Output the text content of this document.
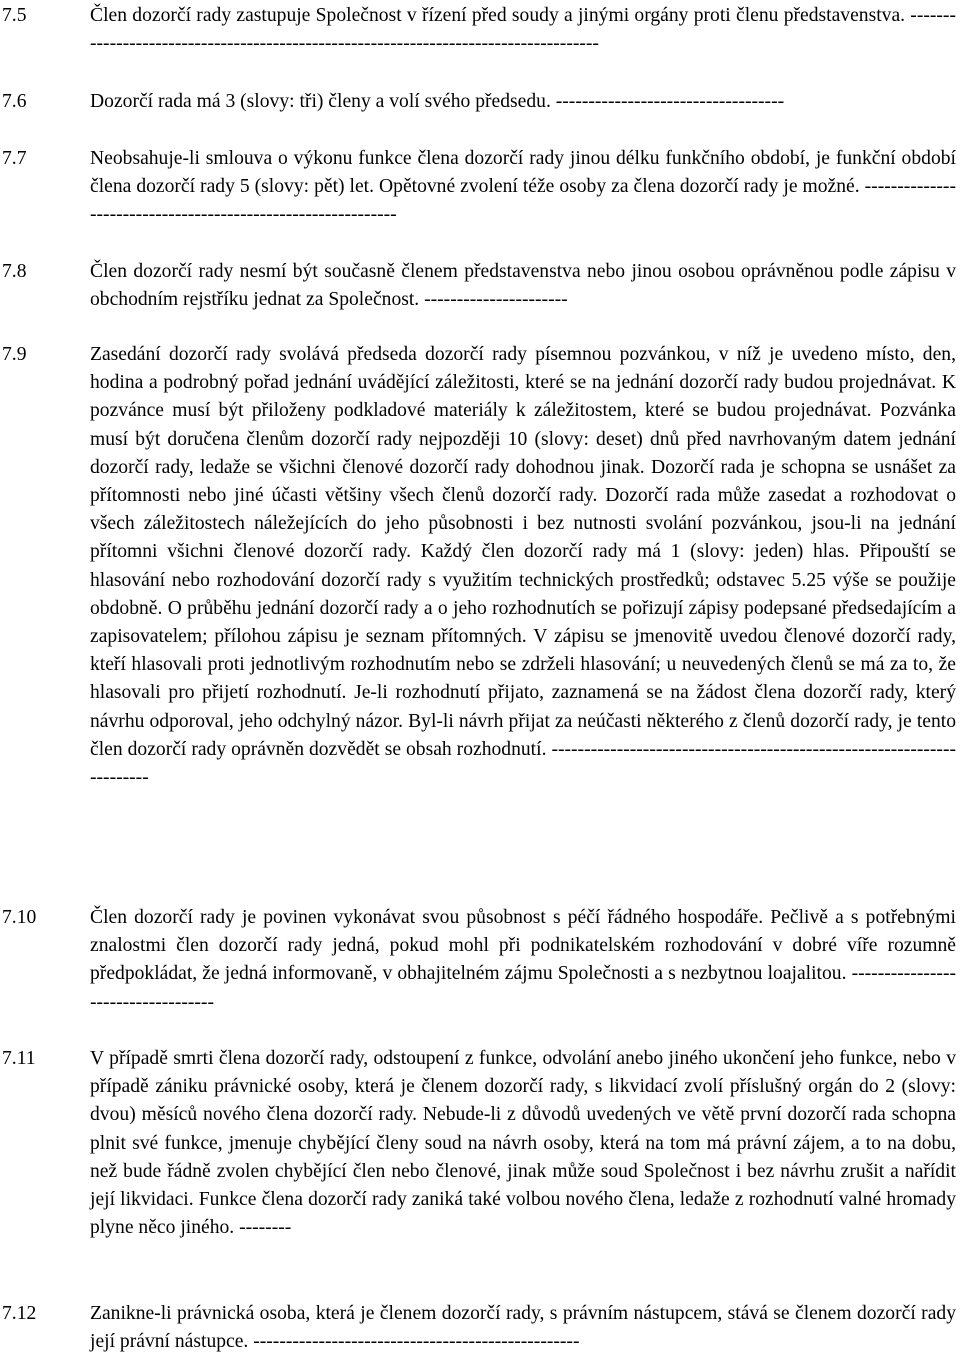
7.5	Člen dozorčí rady zastupuje Společnost v řízení před soudy a jinými orgány proti členu představenstva. -------------------------------------------------------------------------------------
7.6	Dozorčí rada má 3 (slovy: tři) členy a volí svého předsedu. -----------------------------------
7.7	Neobsahuje-li smlouva o výkonu funkce člena dozorčí rady jinou délku funkčního období, je funkční období člena dozorčí rady 5 (slovy: pět) let. Opětovné zvolení téže osoby za člena dozorčí rady je možné. -------------------------------------------------------------
7.8	Člen dozorčí rady nesmí být současně členem představenstva nebo jinou osobou oprávněnou podle zápisu v obchodním rejstříku jednat za Společnost. ----------------------
7.9	Zasedání dozorčí rady svolává předseda dozorčí rady písemnou pozvánkou, v níž je uvedeno místo, den, hodina a podrobný pořad jednání uvádějící záležitosti, které se na jednání dozorčí rady budou projednávat. K pozvánce musí být přiloženy podkladové materiály k záležitostem, které se budou projednávat. Pozvánka musí být doručena členům dozorčí rady nejpozději 10 (slovy: deset) dnů před navrhovaným datem jednání dozorčí rady, ledaže se všichni členové dozorčí rady dohodnou jinak. Dozorčí rada je schopna se usnášet za přítomnosti nebo jiné účasti většiny všech členů dozorčí rady. Dozorčí rada může zasedat a rozhodovat o všech záležitostech náležejících do jeho působnosti i bez nutnosti svolání pozvánkou, jsou-li na jednání přítomni všichni členové dozorčí rady. Každý člen dozorčí rady má 1 (slovy: jeden) hlas. Připouští se hlasování nebo rozhodování dozorčí rady s využitím technických prostředků; odstavec 5.25 výše se použije obdobně. O průběhu jednání dozorčí rady a o jeho rozhodnutích se pořizují zápisy podepsané předsedajícím a zapisovatelem; přílohou zápisu je seznam přítomných. V zápisu se jmenovitě uvedou členové dozorčí rady, kteří hlasovali proti jednotlivým rozhodnutím nebo se zdrželi hlasování; u neuvedených členů se má za to, že hlasovali pro přijetí rozhodnutí. Je-li rozhodnutí přijato, zaznamená se na žádost člena dozorčí rady, který návrhu odporoval, jeho odchylný názor. Byl-li návrh přijat za neúčasti některého z členů dozorčí rady, je tento člen dozorčí rady oprávněn dozvědět se obsah rozhodnutí. -----------------------------------------------------------------------
7.10	Člen dozorčí rady je povinen vykonávat svou působnost s péčí řádného hospodáře. Pečlivě a s potřebnými znalostmi člen dozorčí rady jedná, pokud mohl při podnikatelském rozhodování v dobré víře rozumně předpokládat, že jedná informovaně, v obhajitelném zájmu Společnosti a s nezbytnou loajalitou. -----------------------------------
7.11	V případě smrti člena dozorčí rady, odstoupení z funkce, odvolání anebo jiného ukončení jeho funkce, nebo v případě zániku právnické osoby, která je členem dozorčí rady, s likvidací zvolí příslušný orgán do 2 (slovy: dvou) měsíců nového člena dozorčí rady. Nebude-li z důvodů uvedených ve větě první dozorčí rada schopna plnit své funkce, jmenuje chybějící členy soud na návrh osoby, která na tom má právní zájem, a to na dobu, než bude řádně zvolen chybějící člen nebo členové, jinak může soud Společnost i bez návrhu zrušit a nařídit její likvidaci. Funkce člena dozorčí rady zaniká také volbou nového člena, ledaže z rozhodnutí valné hromady plyne něco jiného. --------
7.12	Zanikne-li právnická osoba, která je členem dozorčí rady, s právním nástupcem, stává se členem dozorčí rady její právní nástupce. --------------------------------------------------
